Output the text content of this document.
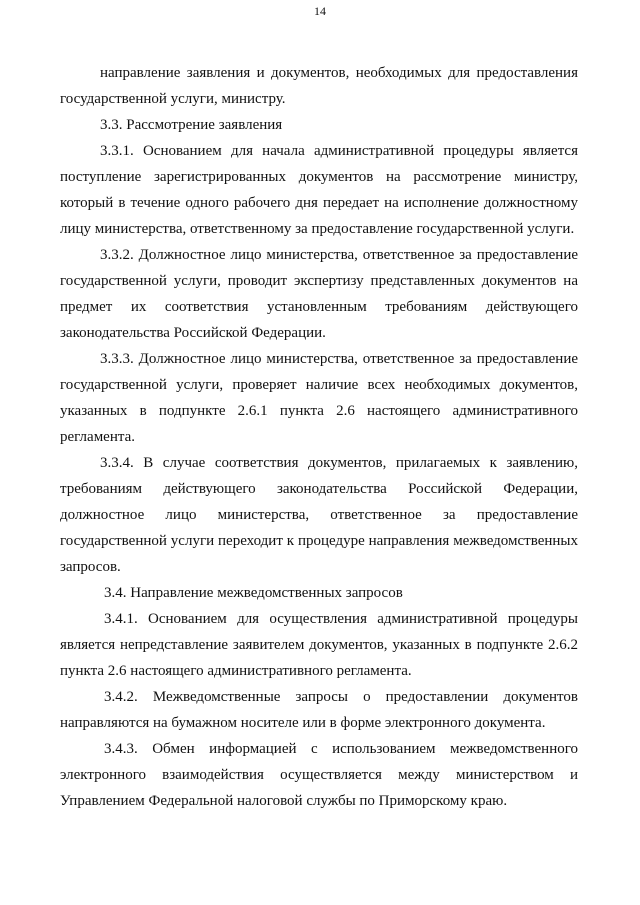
14

направление заявления и документов, необходимых для предоставления государственной услуги, министру.

3.3. Рассмотрение заявления

3.3.1. Основанием для начала административной процедуры является поступление зарегистрированных документов на рассмотрение министру, который в течение одного рабочего дня передает на исполнение должностному лицу министерства, ответственному за предоставление государственной услуги.

3.3.2. Должностное лицо министерства, ответственное за предоставление государственной услуги, проводит экспертизу представленных документов на предмет их соответствия установленным требованиям действующего законодательства Российской Федерации.

3.3.3. Должностное лицо министерства, ответственное за предоставление государственной услуги, проверяет наличие всех необходимых документов, указанных в подпункте 2.6.1 пункта 2.6 настоящего административного регламента.

3.3.4. В случае соответствия документов, прилагаемых к заявлению, требованиям действующего законодательства Российской Федерации, должностное лицо министерства, ответственное за предоставление государственной услуги переходит к процедуре направления межведомственных запросов.

3.4. Направление межведомственных запросов

3.4.1. Основанием для осуществления административной процедуры является непредставление заявителем документов, указанных в подпункте 2.6.2 пункта 2.6 настоящего административного регламента.

3.4.2. Межведомственные запросы о предоставлении документов направляются на бумажном носителе или в форме электронного документа.

3.4.3. Обмен информацией с использованием межведомственного электронного взаимодействия осуществляется между министерством и Управлением Федеральной налоговой службы по Приморскому краю.
